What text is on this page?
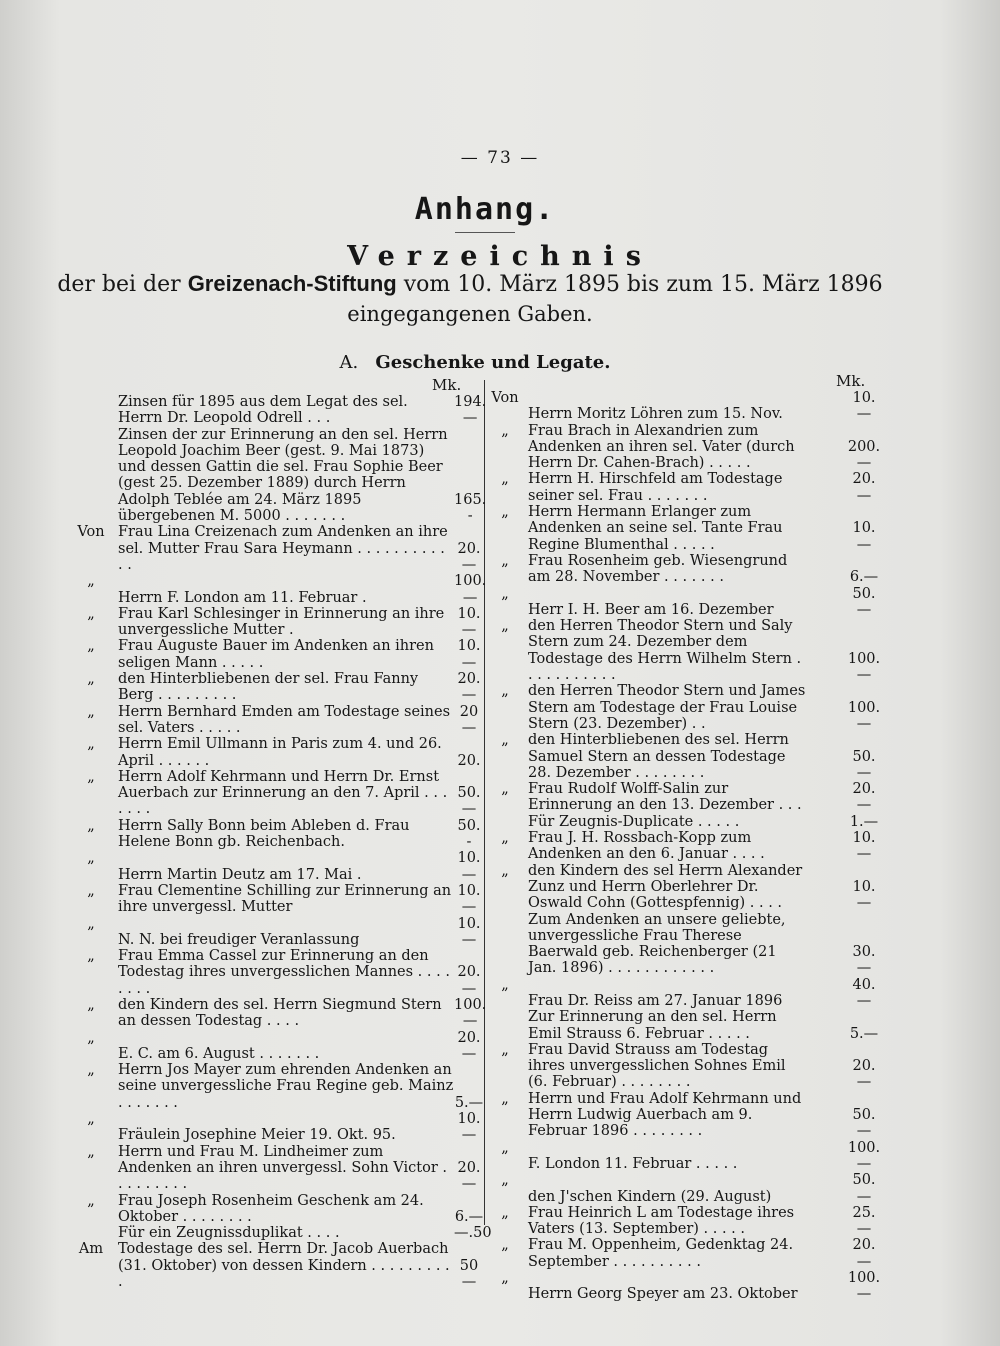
— 73 —
Anhang.
Verzeichnis
der bei der Greizenach-Stiftung vom 10. März 1895 bis zum 15. März 1896
eingegangenen Gaben.
A. Geschenke und Legate.
Mk.	Mk.
Zinsen für 1895 aus dem Legat des sel. Herrn Dr. Leopold Odrell . . .
194.—
Zinsen der zur Erinnerung an den sel. Herrn Leopold Joachim Beer (gest. 9. Mai 1873) und dessen Gattin die sel. Frau Sophie Beer (gest 25. Dezember 1889) durch Herrn Adolph Teblée am 24. März 1895 übergebenen M. 5000 . . . . . . .
165. -
Von Frau Lina Creizenach zum Andenken an ihre sel. Mutter Frau Sara Heymann . . . . . . . . . . . .
20.—
„
Herrn F. London am 11. Februar .
100.—
„	Frau Karl Schlesinger in Erinnerung an ihre unvergessliche Mutter .
10.—
„	Frau Auguste Bauer im Andenken an ihren seligen Mann . . . . .
10.—
„	den Hinterbliebenen der sel. Frau Fanny Berg . . . . . . . . .
20.—
„	Herrn Bernhard Emden am Todestage seines sel. Vaters . . . . .
20 —
„	Herrn Emil Ullmann in Paris zum 4. und 26. April . . . . . .	20.
„	Herrn Adolf Kehrmann und Herrn Dr. Ernst Auerbach zur Erinnerung an den 7. April . . . . . . .
50.—
„	Herrn Sally Bonn beim Ableben d. Frau Helene Bonn gb. Reichenbach.
50. -
„
Herrn Martin Deutz am 17. Mai .
10.—
„	Frau Clementine Schilling zur Erinnerung an ihre unvergessl. Mutter
10.—
„
N. N. bei freudiger Veranlassung
10.—
„	Frau Emma Cassel zur Erinnerung an den Todestag ihres unvergesslichen Mannes . . . . . . . .
20.—
„	den Kindern des sel. Herrn Siegmund Stern an dessen Todestag . . . .
100.—
„
E. C. am 6. August . . . . . . .
20.—
„	Herrn Jos Mayer zum ehrenden Andenken an seine unvergessliche Frau Regine geb. Mainz . . . . . . .	5.—
„
Fräulein Josephine Meier 19. Okt. 95.
10.—
„	Herrn und Frau M. Lindheimer zum Andenken an ihren unvergessl. Sohn Victor . . . . . . . . .
20.—
„	Frau Joseph Rosenheim Geschenk am 24. Oktober . . . . . . . .	6.—
Für ein Zeugnissduplikat . . . .	—.50
Am	Todestage des sel. Herrn Dr. Jacob Auerbach (31. Oktober) von dessen Kindern . . . . . . . . . .
50 —
Von
Herrn Moritz Löhren zum 15. Nov.
10.—
„	Frau Brach in Alexandrien zum Andenken an ihren sel. Vater (durch Herrn Dr. Cahen-Brach) . . . . .
200.—
„	Herrn H. Hirschfeld am Todestage seiner sel. Frau . . . . . . .
20.—
„	Herrn Hermann Erlanger zum Andenken an seine sel. Tante Frau Regine Blumenthal . . . . .
10.—
„	Frau Rosenheim geb. Wiesengrund am 28. November . . . . . . .	6.—
„
Herr I. H. Beer am 16. Dezember
50.—
„	den Herren Theodor Stern und Saly Stern zum 24. Dezember dem Todestage des Herrn Wilhelm Stern . . . . . . . . . . .
100.—
„	den Herren Theodor Stern und James Stern am Todestage der Frau Louise Stern (23. Dezember) . .
100.—
„	den Hinterbliebenen des sel. Herrn Samuel Stern an dessen Todestage 28. Dezember . . . . . . . .
50.—
„	Frau Rudolf Wolff-Salin zur Erinnerung an den 13. Dezember . . .
20.—
Für Zeugnis-Duplicate . . . . .	1.—
„	Frau J. H. Rossbach-Kopp zum Andenken an den 6. Januar . . . .
10.—
„	den Kindern des sel Herrn Alexander Zunz und Herrn Oberlehrer Dr. Oswald Cohn (Gottespfennig) . . . .
10.—
Zum Andenken an unsere geliebte, unvergessliche Frau Therese Baerwald geb. Reichenberger (21 Jan. 1896) . . . . . . . . . . . .
30.—
„
Frau Dr. Reiss am 27. Januar 1896
40.—
Zur Erinnerung an den sel. Herrn Emil Strauss 6. Februar . . . . .	5.—
„	Frau David Strauss am Todestag ihres unvergesslichen Sohnes Emil (6. Februar) . . . . . . . .
20.—
„	Herrn und Frau Adolf Kehrmann und Herrn Ludwig Auerbach am 9. Februar 1896 . . . . . . . .
50.—
„
F. London 11. Februar . . . . .
100.—
„
den J'schen Kindern (29. August)
50.—
„	Frau Heinrich L am Todestage ihres Vaters (13. September) . . . . .
25.—
„	Frau M. Oppenheim, Gedenktag 24. September . . . . . . . . . .
20.—
„
Herrn Georg Speyer am 23. Oktober
100.—
